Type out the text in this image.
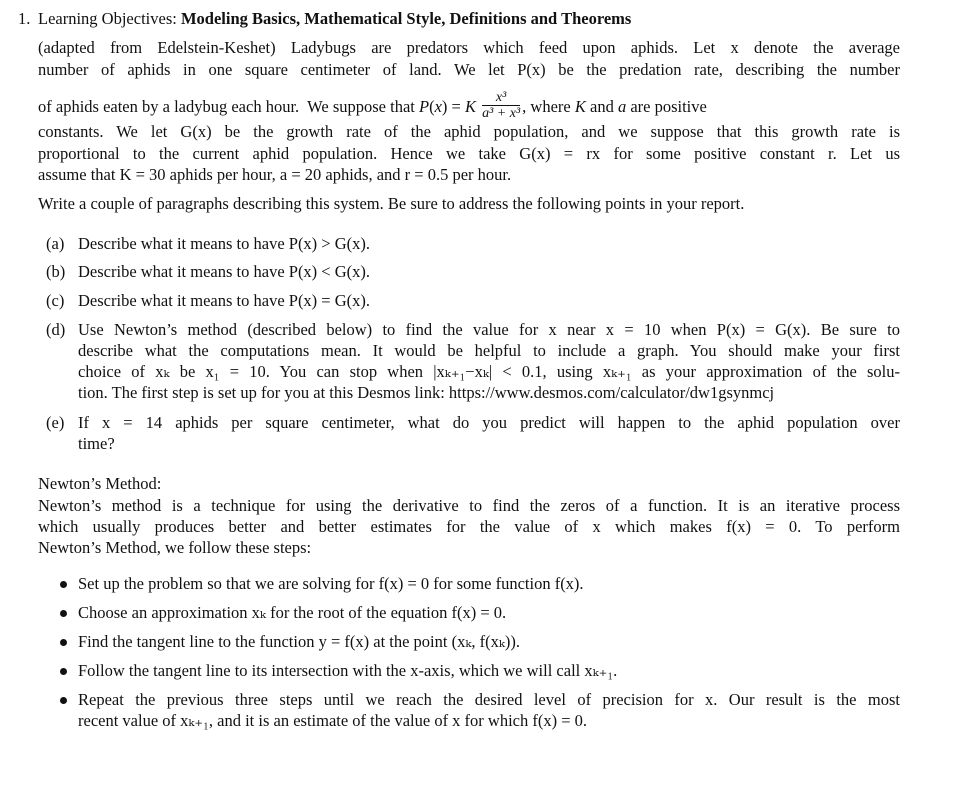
1. Learning Objectives: Modeling Basics, Mathematical Style, Definitions and Theorems
(adapted from Edelstein-Keshet) Ladybugs are predators which feed upon aphids. Let x denote the average
number of aphids in one square centimeter of land. We let P(x) be the predation rate, describing the number
of aphids eaten by a ladybug each hour.  We suppose that P(x) = K $\frac{\text{x³}}{\text{a³ + x³}}$ , where K and a are positive
constants. We let G(x) be the growth rate of the aphid population, and we suppose that this growth rate is
proportional to the current aphid population. Hence we take G(x) = rx for some positive constant r. Let us
assume that K = 30 aphids per hour, a = 20 aphids, and r = 0.5 per hour.
Write a couple of paragraphs describing this system. Be sure to address the following points in your report.
(a) Describe what it means to have P(x) > G(x).
(b) Describe what it means to have P(x) < G(x).
(c) Describe what it means to have P(x) = G(x).
(d) Use Newton’s method (described below) to find the value for x near x = 10 when P(x) = G(x). Be sure to
describe what the computations mean. It would be helpful to include a graph. You should make your first
choice of xₖ be x₁ = 10. You can stop when |xₖ₊₁−xₖ| < 0.1, using xₖ₊₁ as your approximation of the solu-
tion. The first step is set up for you at this Desmos link: https://www.desmos.com/calculator/dw1gsynmcj
(e) If x = 14 aphids per square centimeter, what do you predict will happen to the aphid population over
time?
Newton’s Method:
Newton’s method is a technique for using the derivative to find the zeros of a function. It is an iterative process
which usually produces better and better estimates for the value of x which makes f(x) = 0. To perform
Newton’s Method, we follow these steps:
Set up the problem so that we are solving for f(x) = 0 for some function f(x).
Choose an approximation xₖ for the root of the equation f(x) = 0.
Find the tangent line to the function y = f(x) at the point (xₖ, f(xₖ)).
Follow the tangent line to its intersection with the x-axis, which we will call xₖ₊₁.
Repeat the previous three steps until we reach the desired level of precision for x. Our result is the most
recent value of xₖ₊₁, and it is an estimate of the value of x for which f(x) = 0.
